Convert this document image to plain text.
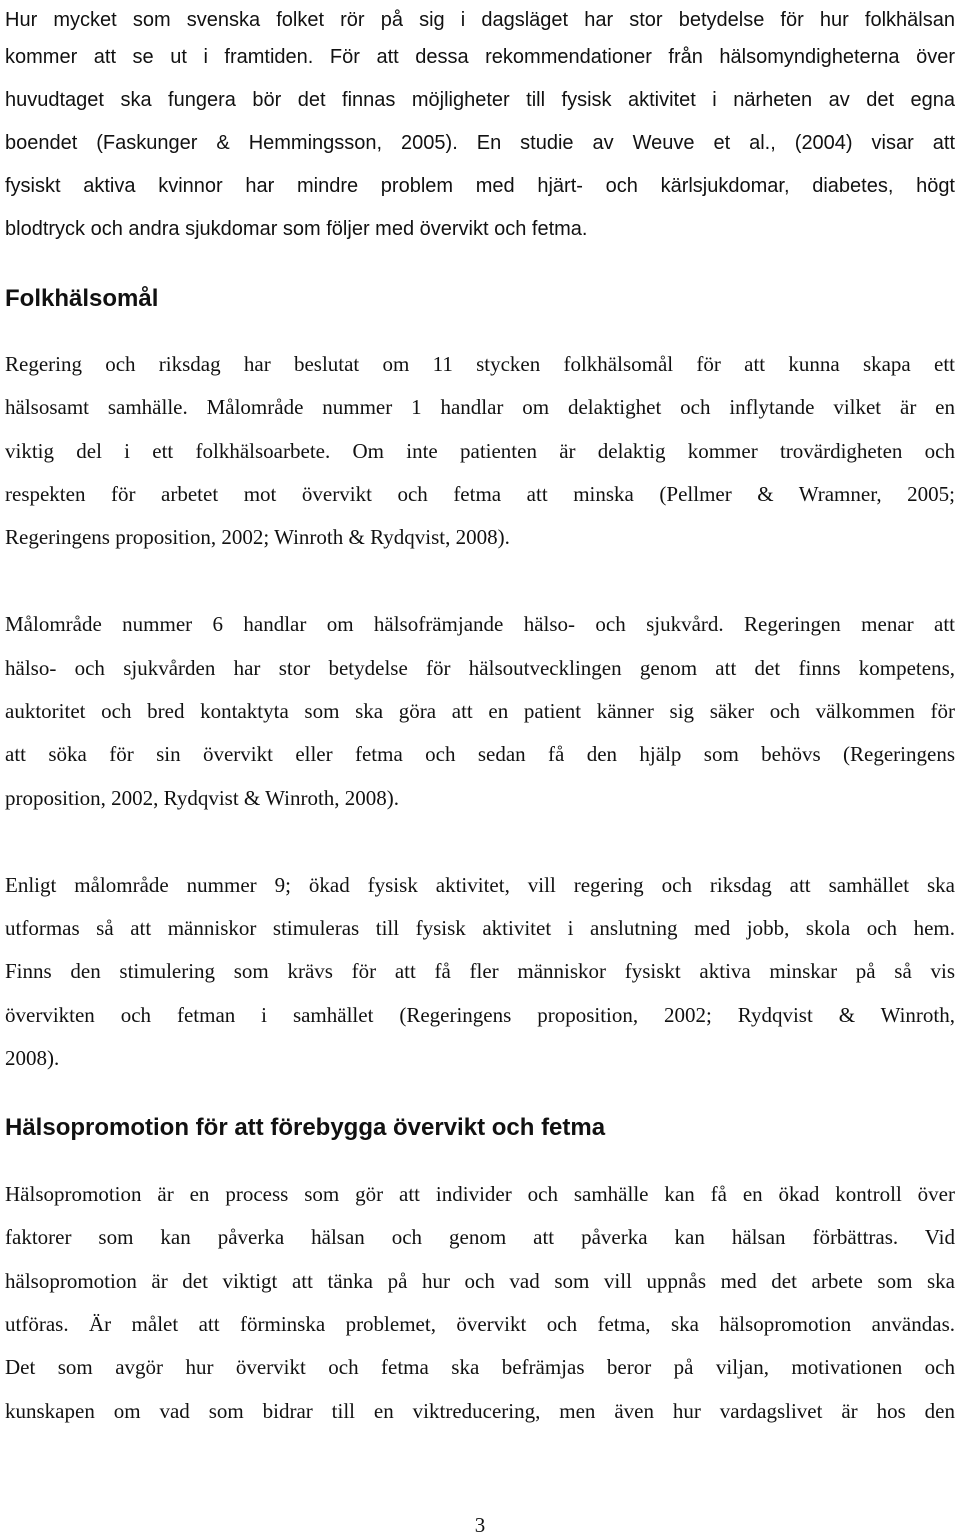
Hur mycket som svenska folket rör på sig i dagsläget har stor betydelse för hur folkhälsan
kommer att se ut i framtiden. För att dessa rekommendationer från hälsomyndigheterna över
huvudtaget ska fungera bör det finnas möjligheter till fysisk aktivitet i närheten av det egna
boendet (Faskunger & Hemmingsson, 2005). En studie av Weuve et al., (2004) visar att
fysiskt aktiva kvinnor har mindre problem med hjärt- och kärlsjukdomar, diabetes, högt
blodtryck och andra sjukdomar som följer med övervikt och fetma.
Folkhälsomål
Regering och riksdag har beslutat om 11 stycken folkhälsomål för att kunna skapa ett
hälsosamt samhälle. Målområde nummer 1 handlar om delaktighet och inflytande vilket är en
viktig del i ett folkhälsoarbete. Om inte patienten är delaktig kommer trovärdigheten och
respekten för arbetet mot övervikt och fetma att minska (Pellmer & Wramner, 2005;
Regeringens proposition, 2002; Winroth & Rydqvist, 2008).
Målområde nummer 6 handlar om hälsofrämjande hälso- och sjukvård. Regeringen menar att
hälso- och sjukvården har stor betydelse för hälsoutvecklingen genom att det finns kompetens,
auktoritet och bred kontaktyta som ska göra att en patient känner sig säker och välkommen för
att söka för sin övervikt eller fetma och sedan få den hjälp som behövs (Regeringens
proposition, 2002, Rydqvist & Winroth, 2008).
Enligt målområde nummer 9; ökad fysisk aktivitet, vill regering och riksdag att samhället ska
utformas så att människor stimuleras till fysisk aktivitet i anslutning med jobb, skola och hem.
Finns den stimulering som krävs för att få fler människor fysiskt aktiva minskar på så vis
övervikten och fetman i samhället (Regeringens proposition, 2002; Rydqvist & Winroth,
2008).
Hälsopromotion för att förebygga övervikt och fetma
Hälsopromotion är en process som gör att individer och samhälle kan få en ökad kontroll över
faktorer som kan påverka hälsan och genom att påverka kan hälsan förbättras. Vid
hälsopromotion är det viktigt att tänka på hur och vad som vill uppnås med det arbete som ska
utföras. Är målet att förminska problemet, övervikt och fetma, ska hälsopromotion användas.
Det som avgör hur övervikt och fetma ska befrämjas beror på viljan, motivationen och
kunskapen om vad som bidrar till en viktreducering, men även hur vardagslivet är hos den
3
